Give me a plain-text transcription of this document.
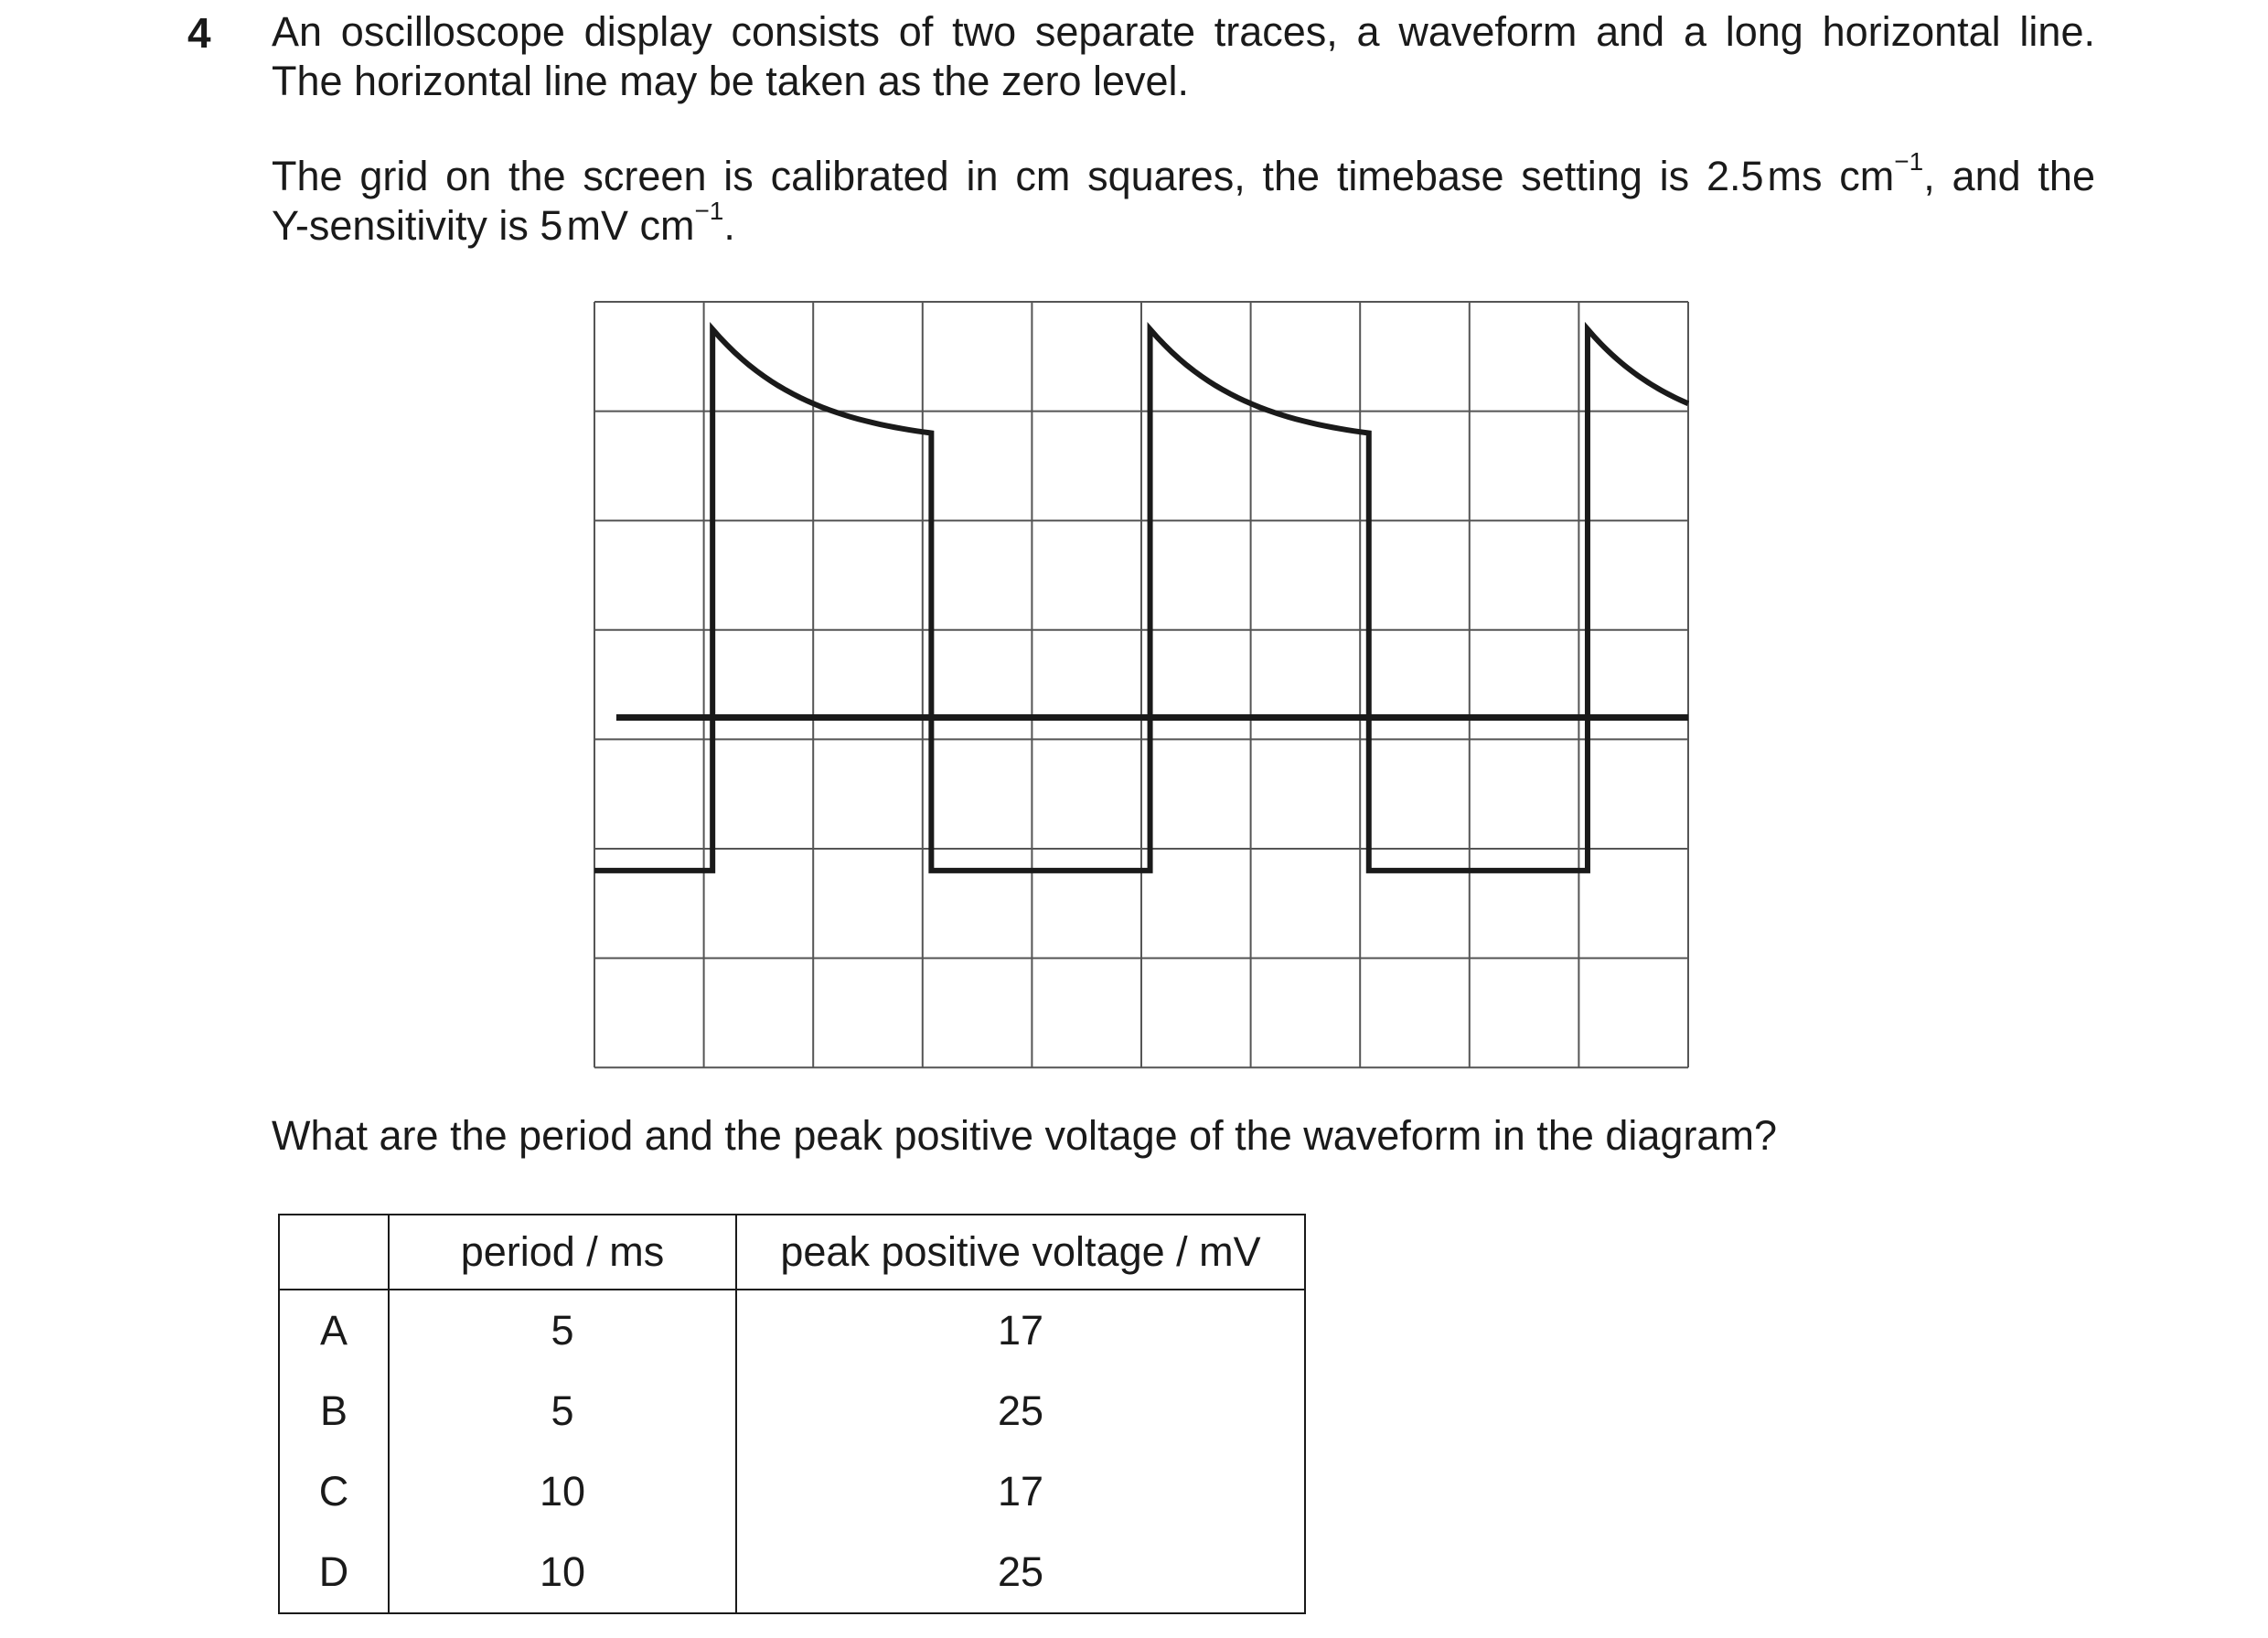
4 An oscilloscope display consists of two separate traces, a waveform and a long horizontal line.
The horizontal line may be taken as the zero level.
The grid on the screen is calibrated in cm squares, the timebase setting is 2.5ms $cm^{-1}$, and the
Y-sensitivity is 5mV $cm^{-1}$.
What are the period and the peak positive voltage of the waveform in the diagram?
	period / ms	peak positive voltage / mV
A	5	17
B	5	25
C	10	17
D	10	25
